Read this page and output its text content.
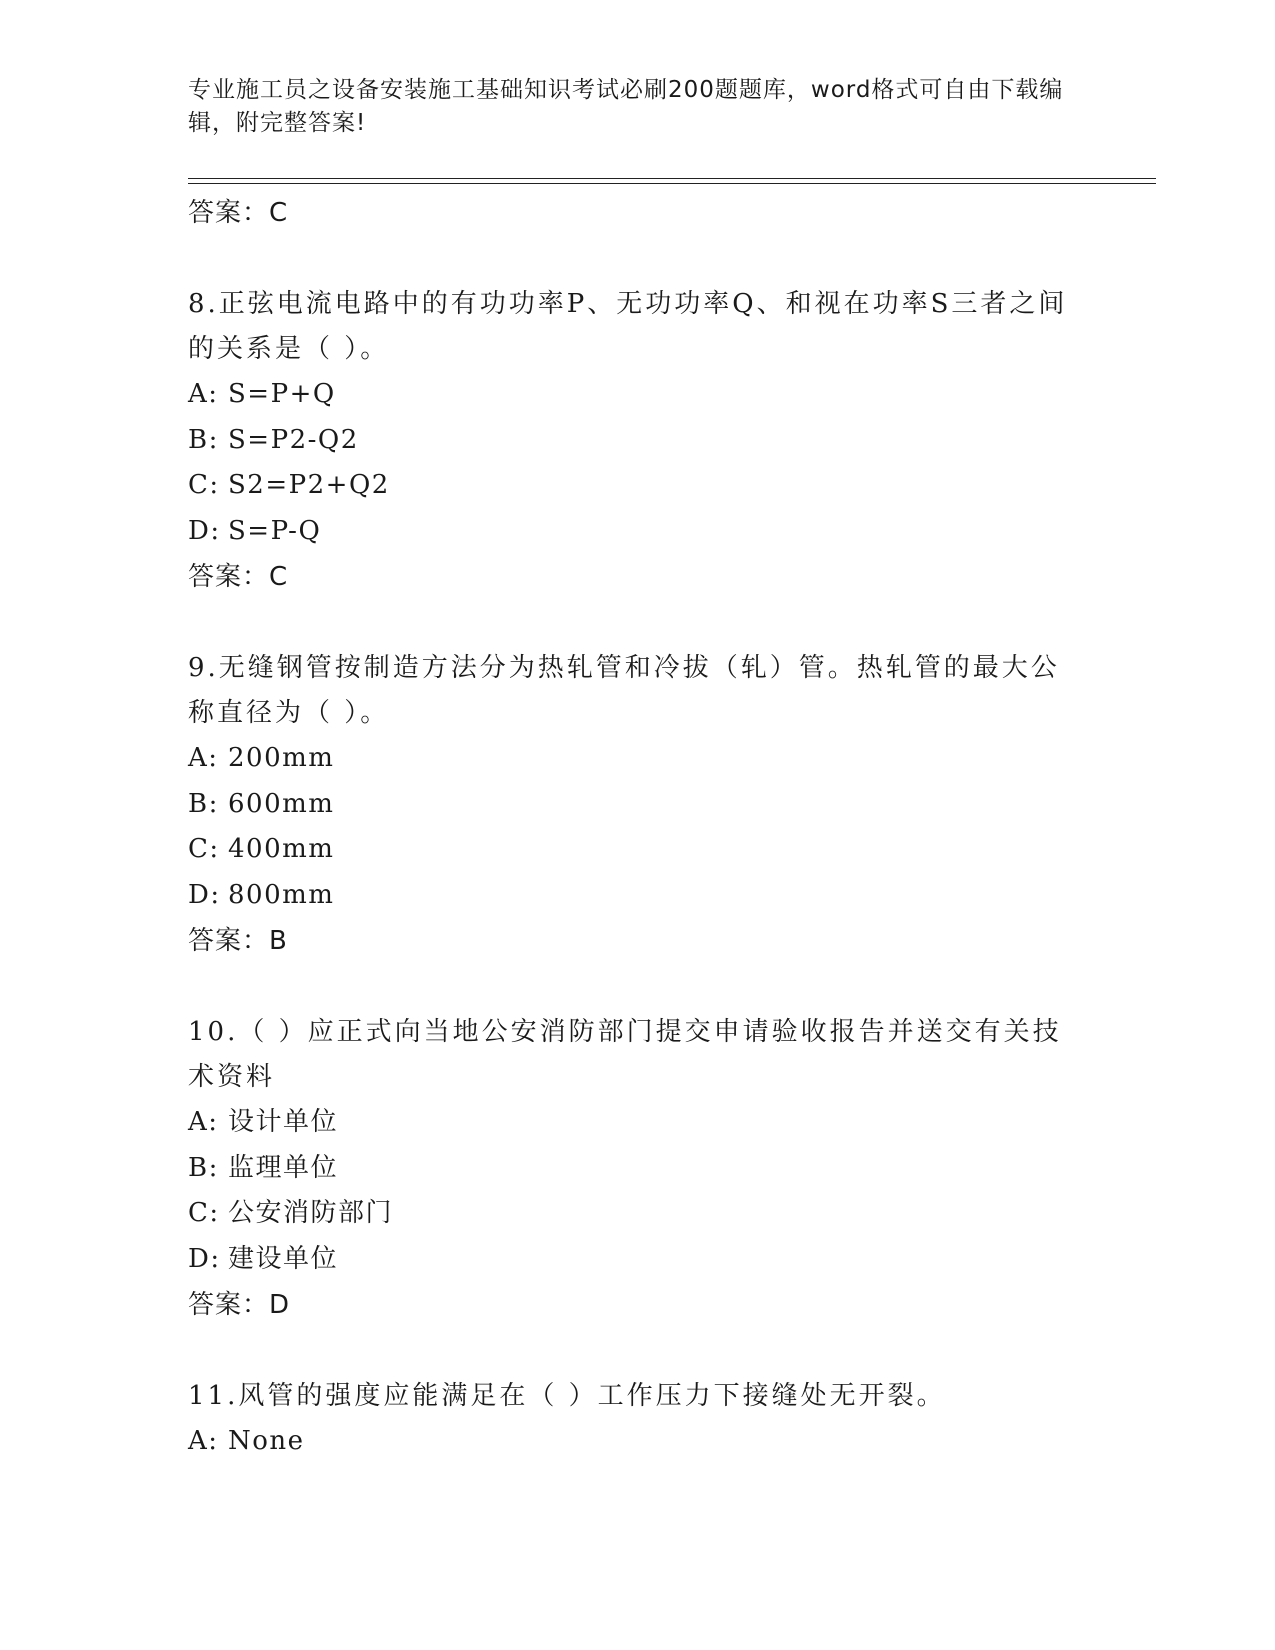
专业施工员之设备安装施工基础知识考试必刷200题题库，word格式可自由下载编辑，附完整答案!
答案：C
8.正弦电流电路中的有功功率P、无功功率Q、和视在功率S三者之间的关系是（ ）。
A: S=P+Q
B: S=P2-Q2
C: S2=P2+Q2
D: S=P-Q
答案：C
9.无缝钢管按制造方法分为热轧管和冷拔（轧）管。热轧管的最大公称直径为（ ）。
A: 200mm
B: 600mm
C: 400mm
D: 800mm
答案：B
10.（ ）应正式向当地公安消防部门提交申请验收报告并送交有关技术资料
A: 设计单位
B: 监理单位
C: 公安消防部门
D: 建设单位
答案：D
11.风管的强度应能满足在（ ）工作压力下接缝处无开裂。
A: None
